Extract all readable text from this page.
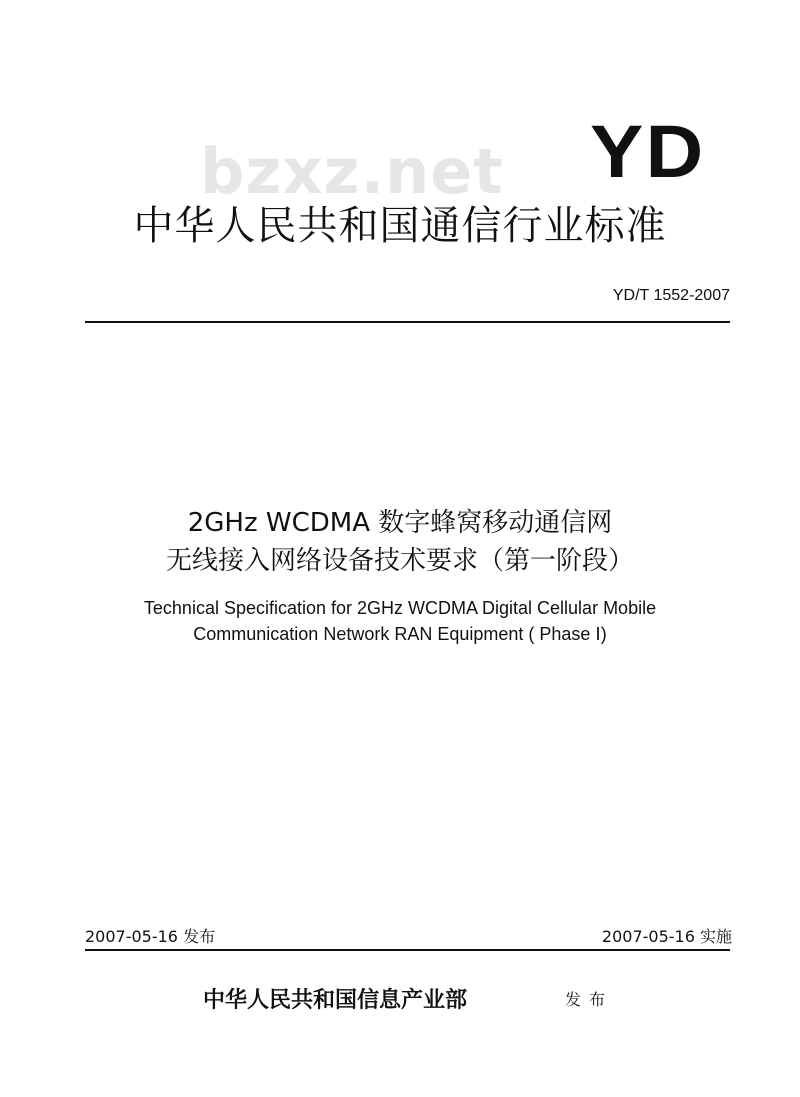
bzxz.net YD
中华人民共和国通信行业标准
YD/T 1552-2007
2GHz WCDMA 数字蜂窝移动通信网
无线接入网络设备技术要求（第一阶段）
Technical Specification for 2GHz WCDMA Digital Cellular Mobile
Communication Network RAN Equipment ( Phase Ⅰ)
2007-05-16 发布	2007-05-16 实施
中华人民共和国信息产业部	发布
